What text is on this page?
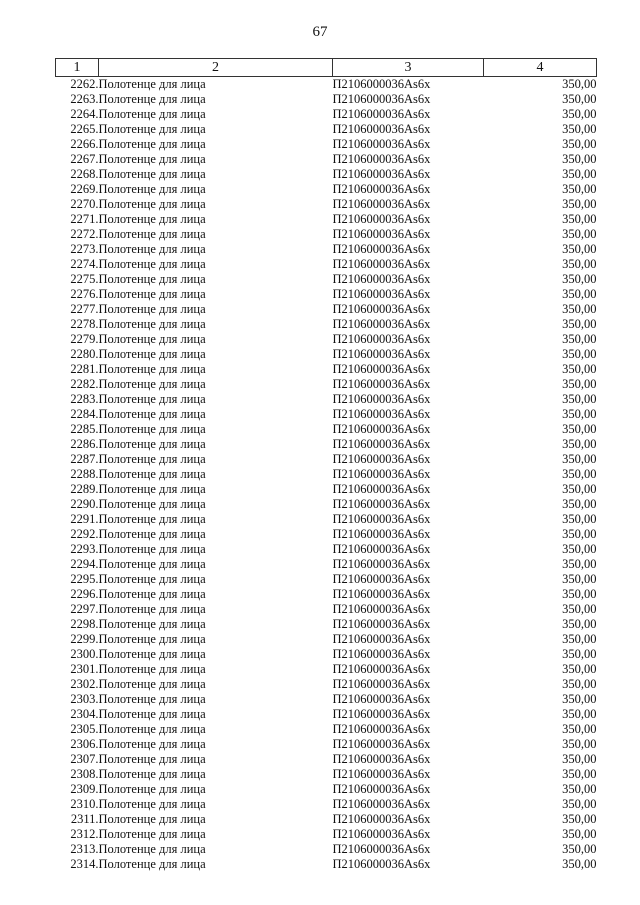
67
1	2	3	4
2262.	Полотенце для лица	П2106000036Аs6х	350,00
2263.	Полотенце для лица	П2106000036Аs6х	350,00
2264.	Полотенце для лица	П2106000036Аs6х	350,00
2265.	Полотенце для лица	П2106000036Аs6х	350,00
2266.	Полотенце для лица	П2106000036Аs6х	350,00
2267.	Полотенце для лица	П2106000036Аs6х	350,00
2268.	Полотенце для лица	П2106000036Аs6х	350,00
2269.	Полотенце для лица	П2106000036Аs6х	350,00
2270.	Полотенце для лица	П2106000036Аs6х	350,00
2271.	Полотенце для лица	П2106000036Аs6х	350,00
2272.	Полотенце для лица	П2106000036Аs6х	350,00
2273.	Полотенце для лица	П2106000036Аs6х	350,00
2274.	Полотенце для лица	П2106000036Аs6х	350,00
2275.	Полотенце для лица	П2106000036Аs6х	350,00
2276.	Полотенце для лица	П2106000036Аs6х	350,00
2277.	Полотенце для лица	П2106000036Аs6х	350,00
2278.	Полотенце для лица	П2106000036Аs6х	350,00
2279.	Полотенце для лица	П2106000036Аs6х	350,00
2280.	Полотенце для лица	П2106000036Аs6х	350,00
2281.	Полотенце для лица	П2106000036Аs6х	350,00
2282.	Полотенце для лица	П2106000036Аs6х	350,00
2283.	Полотенце для лица	П2106000036Аs6х	350,00
2284.	Полотенце для лица	П2106000036Аs6х	350,00
2285.	Полотенце для лица	П2106000036Аs6х	350,00
2286.	Полотенце для лица	П2106000036Аs6х	350,00
2287.	Полотенце для лица	П2106000036Аs6х	350,00
2288.	Полотенце для лица	П2106000036Аs6х	350,00
2289.	Полотенце для лица	П2106000036Аs6х	350,00
2290.	Полотенце для лица	П2106000036Аs6х	350,00
2291.	Полотенце для лица	П2106000036Аs6х	350,00
2292.	Полотенце для лица	П2106000036Аs6х	350,00
2293.	Полотенце для лица	П2106000036Аs6х	350,00
2294.	Полотенце для лица	П2106000036Аs6х	350,00
2295.	Полотенце для лица	П2106000036Аs6х	350,00
2296.	Полотенце для лица	П2106000036Аs6х	350,00
2297.	Полотенце для лица	П2106000036Аs6х	350,00
2298.	Полотенце для лица	П2106000036Аs6х	350,00
2299.	Полотенце для лица	П2106000036Аs6х	350,00
2300.	Полотенце для лица	П2106000036Аs6х	350,00
2301.	Полотенце для лица	П2106000036Аs6х	350,00
2302.	Полотенце для лица	П2106000036Аs6х	350,00
2303.	Полотенце для лица	П2106000036Аs6х	350,00
2304.	Полотенце для лица	П2106000036Аs6х	350,00
2305.	Полотенце для лица	П2106000036Аs6х	350,00
2306.	Полотенце для лица	П2106000036Аs6х	350,00
2307.	Полотенце для лица	П2106000036Аs6х	350,00
2308.	Полотенце для лица	П2106000036Аs6х	350,00
2309.	Полотенце для лица	П2106000036Аs6х	350,00
2310.	Полотенце для лица	П2106000036Аs6х	350,00
2311.	Полотенце для лица	П2106000036Аs6х	350,00
2312.	Полотенце для лица	П2106000036Аs6х	350,00
2313.	Полотенце для лица	П2106000036Аs6х	350,00
2314.	Полотенце для лица	П2106000036Аs6х	350,00
